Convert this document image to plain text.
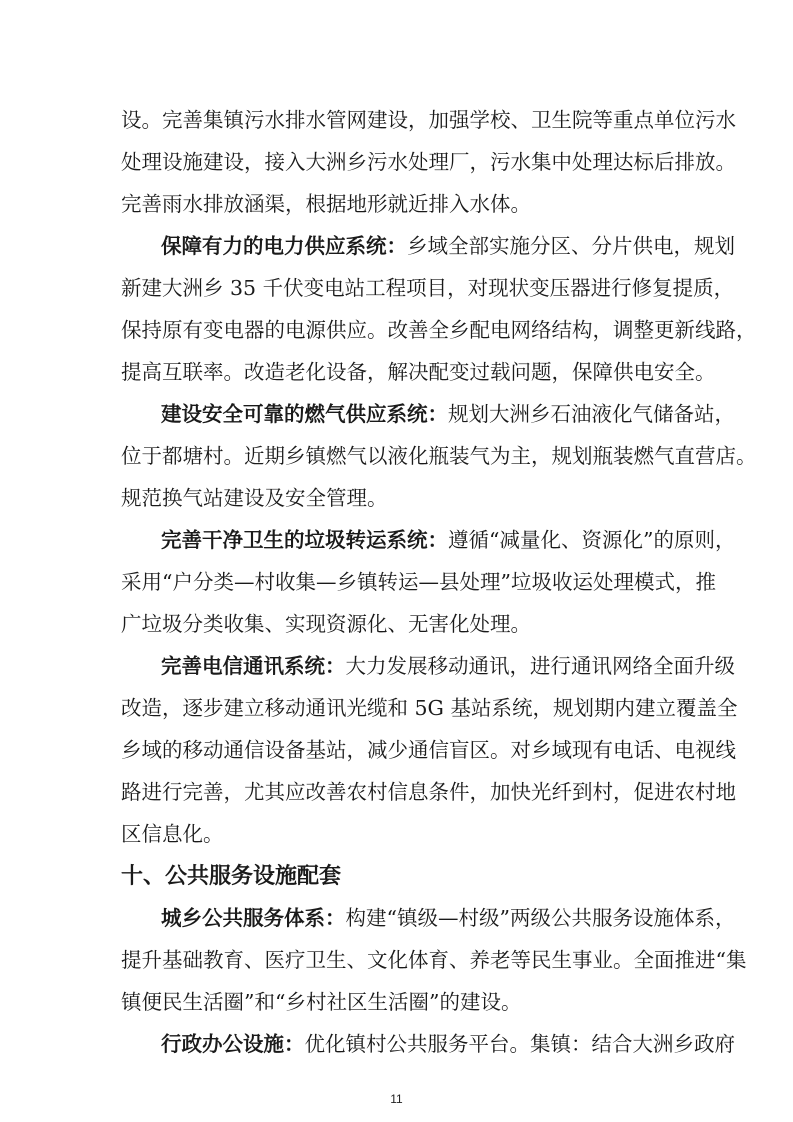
设。完善集镇污水排水管网建设，加强学校、卫生院等重点单位污水
处理设施建设，接入大洲乡污水处理厂，污水集中处理达标后排放。
完善雨水排放涵渠，根据地形就近排入水体。
保障有力的电力供应系统：乡域全部实施分区、分片供电，规划
新建大洲乡 35 千伏变电站工程项目，对现状变压器进行修复提质，
保持原有变电器的电源供应。改善全乡配电网络结构，调整更新线路，
提高互联率。改造老化设备，解决配变过载问题，保障供电安全。
建设安全可靠的燃气供应系统：规划大洲乡石油液化气储备站，
位于都塘村。近期乡镇燃气以液化瓶装气为主，规划瓶装燃气直营店。
规范换气站建设及安全管理。
完善干净卫生的垃圾转运系统：遵循“减量化、资源化”的原则，
采用“户分类—村收集—乡镇转运—县处理”垃圾收运处理模式，推
广垃圾分类收集、实现资源化、无害化处理。
完善电信通讯系统：大力发展移动通讯，进行通讯网络全面升级
改造，逐步建立移动通讯光缆和 5G 基站系统，规划期内建立覆盖全
乡域的移动通信设备基站，减少通信盲区。对乡域现有电话、电视线
路进行完善，尤其应改善农村信息条件，加快光纤到村，促进农村地
区信息化。
十、公共服务设施配套
城乡公共服务体系：构建“镇级—村级”两级公共服务设施体系，
提升基础教育、医疗卫生、文化体育、养老等民生事业。全面推进“集
镇便民生活圈”和“乡村社区生活圈”的建设。
行政办公设施：优化镇村公共服务平台。集镇：结合大洲乡政府
11
